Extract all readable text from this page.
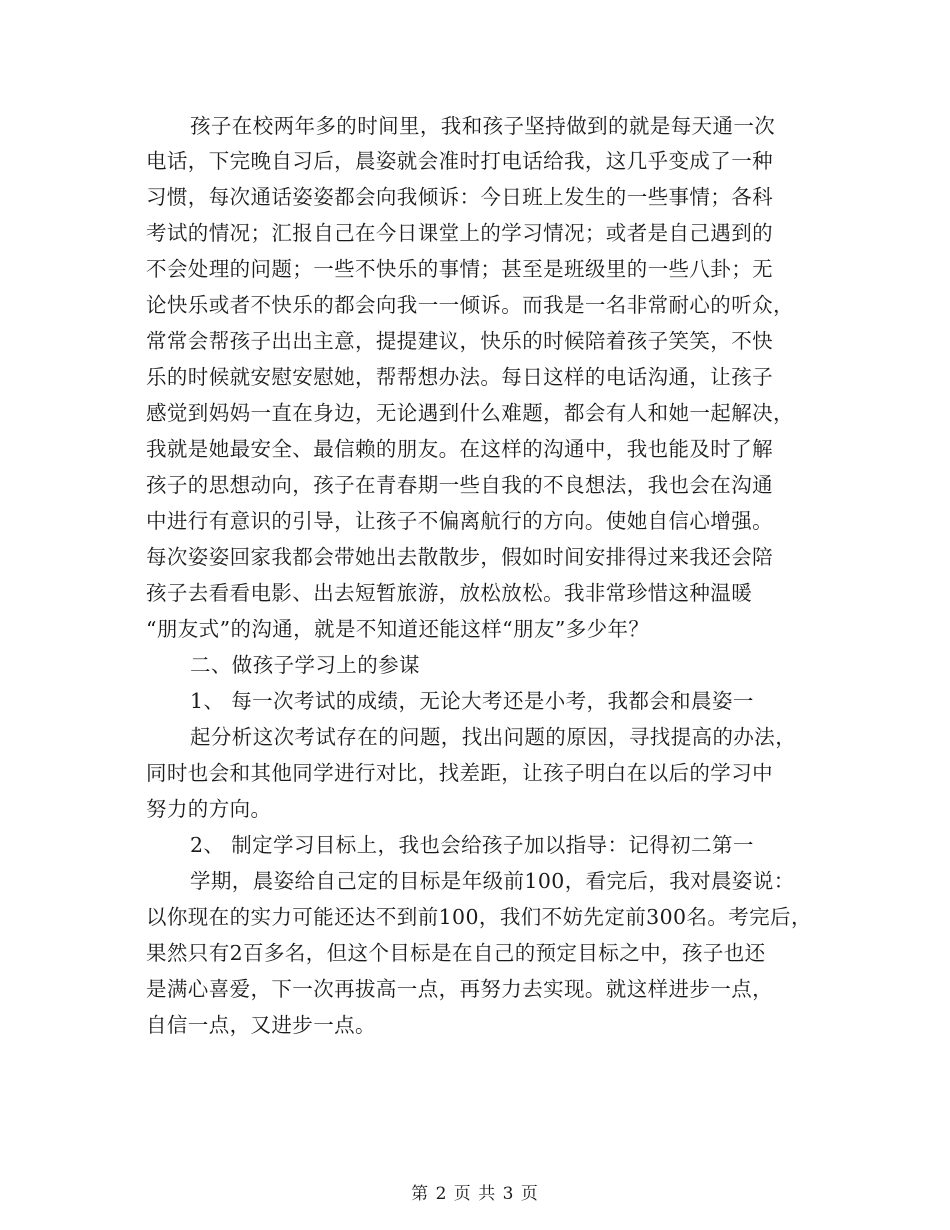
孩子在校两年多的时间里，我和孩子坚持做到的就是每天通一次
电话，下完晚自习后，晨姿就会准时打电话给我，这几乎变成了一种
习惯，每次通话姿姿都会向我倾诉：今日班上发生的一些事情；各科
考试的情况；汇报自己在今日课堂上的学习情况；或者是自己遇到的
不会处理的问题；一些不快乐的事情；甚至是班级里的一些八卦；无
论快乐或者不快乐的都会向我一一倾诉。而我是一名非常耐心的听众，
常常会帮孩子出出主意，提提建议，快乐的时候陪着孩子笑笑，不快
乐的时候就安慰安慰她，帮帮想办法。每日这样的电话沟通，让孩子
感觉到妈妈一直在身边，无论遇到什么难题，都会有人和她一起解决，
我就是她最安全、最信赖的朋友。在这样的沟通中，我也能及时了解
孩子的思想动向，孩子在青春期一些自我的不良想法，我也会在沟通
中进行有意识的引导，让孩子不偏离航行的方向。使她自信心增强。
每次姿姿回家我都会带她出去散散步，假如时间安排得过来我还会陪
孩子去看看电影、出去短暂旅游，放松放松。我非常珍惜这种温暖
“朋友式”的沟通，就是不知道还能这样“朋友”多少年？
二、做孩子学习上的参谋
1、 每一次考试的成绩，无论大考还是小考，我都会和晨姿一
起分析这次考试存在的问题，找出问题的原因，寻找提高的办法，
同时也会和其他同学进行对比，找差距，让孩子明白在以后的学习中
努力的方向。
2、 制定学习目标上，我也会给孩子加以指导：记得初二第一
学期，晨姿给自己定的目标是年级前100，看完后，我对晨姿说：
以你现在的实力可能还达不到前100，我们不妨先定前300名。考完后，
果然只有2百多名，但这个目标是在自己的预定目标之中，孩子也还
是满心喜爱，下一次再拔高一点，再努力去实现。就这样进步一点，
自信一点，又进步一点。
第 2 页 共 3 页
